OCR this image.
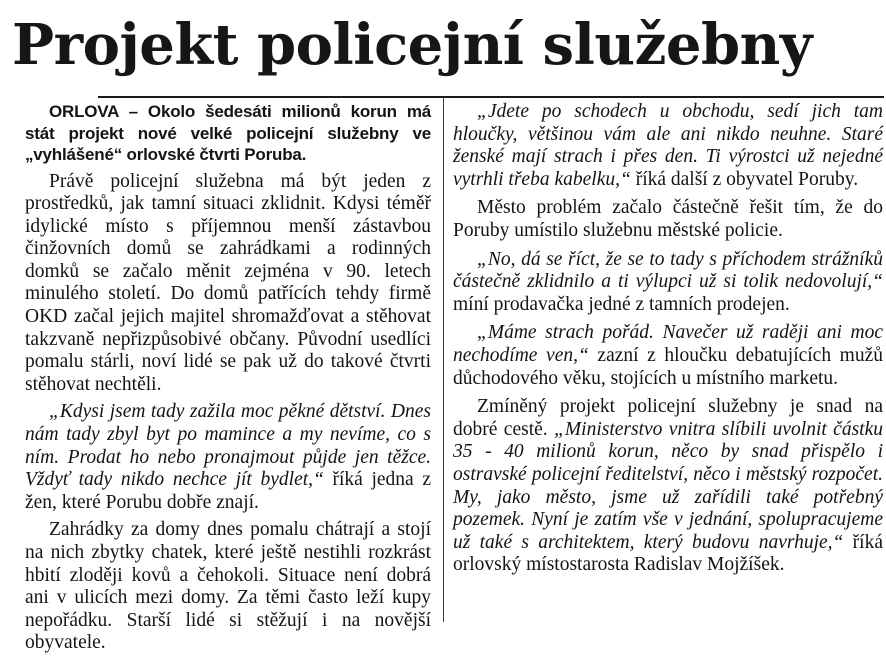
Projekt policejní služebny

ORLOVA – Okolo šedesáti milionů korun má stát projekt nové velké policejní služebny ve „vyhlášené“ orlovské čtvrti Poruba.

Právě policejní služebna má být jeden z prostředků, jak tamní situaci zklidnit. Kdysi téměř idylické místo s příjemnou menší zástavbou činžovních domů se zahrádkami a rodinných domků se začalo měnit zejména v 90. letech minulého století. Do domů patřících tehdy firmě OKD začal jejich majitel shromažďovat a stěhovat takzvaně nepřizpůsobivé občany. Původní usedlíci pomalu stárli, noví lidé se pak už do takové čtvrti stěhovat nechtěli.

„Kdysi jsem tady zažila moc pěkné dětství. Dnes nám tady zbyl byt po mamince a my nevíme, co s ním. Prodat ho nebo pronajmout půjde jen těžce. Vždyť tady nikdo nechce jít bydlet,“ říká jedna z žen, které Porubu dobře znají.

Zahrádky za domy dnes pomalu chátrají a stojí na nich zbytky chatek, které ještě nestihli rozkrást hbití zloději kovů a čehokoli. Situace není dobrá ani v ulicích mezi domy. Za těmi často leží kupy nepořádku. Starší lidé si stěžují i na novější obyvatele.

„Jdete po schodech u obchodu, sedí jich tam hloučky, většinou vám ale ani nikdo neuhne. Staré ženské mají strach i přes den. Ti výrostci už nejedné vytrhli třeba kabelku,“ říká další z obyvatel Poruby.

Město problém začalo částečně řešit tím, že do Poruby umístilo služebnu městské policie.

„No, dá se říct, že se to tady s příchodem strážníků částečně zklidnilo a ti výlupci už si tolik nedovolují,“ míní prodavačka jedné z tamních prodejen.

„Máme strach pořád. Navečer už raději ani moc nechodíme ven,“ zazní z hloučku debatujících mužů důchodového věku, stojících u místního marketu.

Zmíněný projekt policejní služebny je snad na dobré cestě. „Ministerstvo vnitra slíbili uvolnit částku 35 - 40 milionů korun, něco by snad přispělo i ostravské policejní ředitelství, něco i městský rozpočet. My, jako město, jsme už zařídili také potřebný pozemek. Nyní je zatím vše v jednání, spolupracujeme už také s architektem, který budovu navrhuje,“ říká orlovský místostarosta Radislav Mojžíšek.
